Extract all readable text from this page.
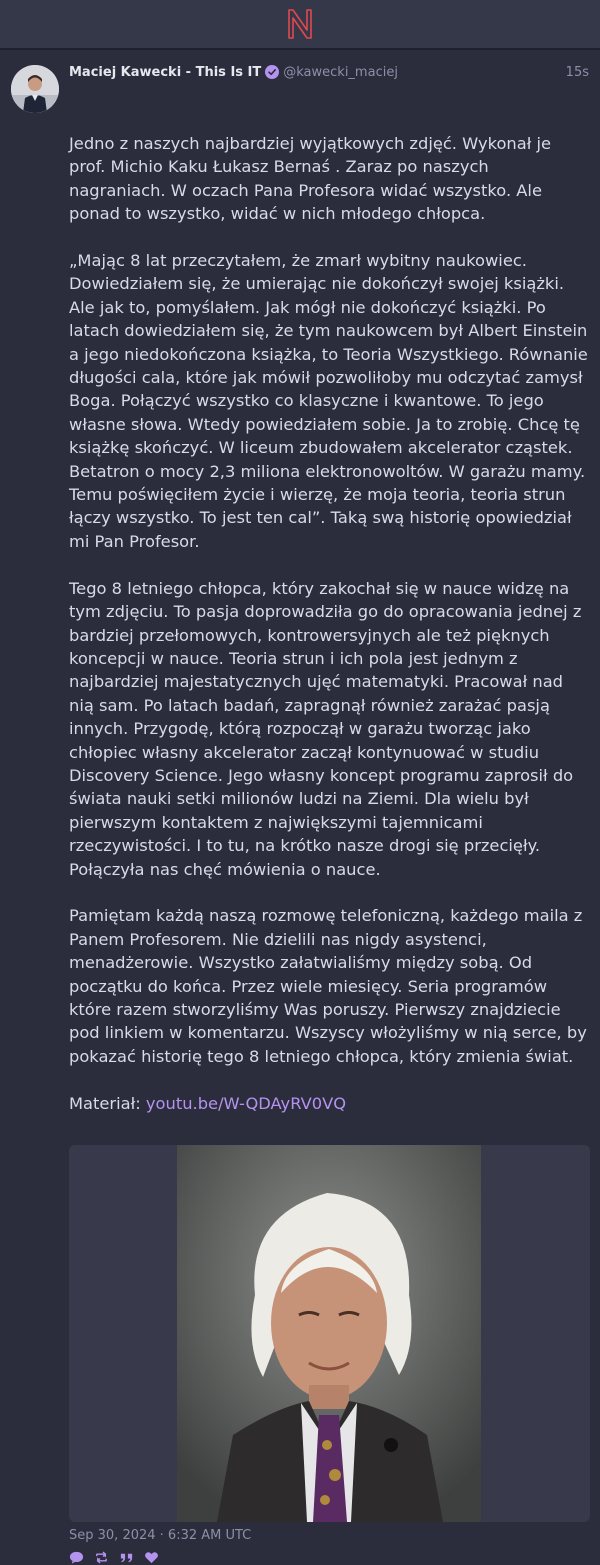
Maciej Kawecki - This Is IT @kawecki_maciej	15s

Jedno z naszych najbardziej wyjątkowych zdjęć. Wykonał je prof. Michio Kaku Łukasz Bernaś . Zaraz po naszych nagraniach. W oczach Pana Profesora widać wszystko. Ale ponad to wszystko, widać w nich młodego chłopca.

„Mając 8 lat przeczytałem, że zmarł wybitny naukowiec. Dowiedziałem się, że umierając nie dokończył swojej książki. Ale jak to, pomyślałem. Jak mógł nie dokończyć książki. Po latach dowiedziałem się, że tym naukowcem był Albert Einstein a jego niedokończona książka, to Teoria Wszystkiego. Równanie długości cala, które jak mówił pozwoliłoby mu odczytać zamysł Boga. Połączyć wszystko co klasyczne i kwantowe. To jego własne słowa. Wtedy powiedziałem sobie. Ja to zrobię. Chcę tę książkę skończyć. W liceum zbudowałem akcelerator cząstek. Betatron o mocy 2,3 miliona elektronowoltów. W garażu mamy. Temu poświęciłem życie i wierzę, że moja teoria, teoria strun łączy wszystko. To jest ten cal”. Taką swą historię opowiedział mi Pan Profesor.

Tego 8 letniego chłopca, który zakochał się w nauce widzę na tym zdjęciu. To pasja doprowadziła go do opracowania jednej z bardziej przełomowych, kontrowersyjnych ale też pięknych koncepcji w nauce. Teoria strun i ich pola jest jednym z najbardziej majestatycznych ujęć matematyki. Pracował nad nią sam. Po latach badań, zapragnął również zarażać pasją innych. Przygodę, którą rozpoczął w garażu tworząc jako chłopiec własny akcelerator zaczął kontynuować w studiu Discovery Science. Jego własny koncept programu zaprosił do świata nauki setki milionów ludzi na Ziemi. Dla wielu był pierwszym kontaktem z największymi tajemnicami rzeczywistości. I to tu, na krótko nasze drogi się przecięły. Połączyła nas chęć mówienia o nauce.

Pamiętam każdą naszą rozmowę telefoniczną, każdego maila z Panem Profesorem. Nie dzielili nas nigdy asystenci, menadżerowie. Wszystko załatwialiśmy między sobą. Od początku do końca. Przez wiele miesięcy. Seria programów które razem stworzyliśmy Was poruszy. Pierwszy znajdziecie pod linkiem w komentarzu. Wszyscy włożyliśmy w nią serce, by pokazać historię tego 8 letniego chłopca, który zmienia świat.

Materiał: youtu.be/W-QDAyRV0VQ

Sep 30, 2024 · 6:32 AM UTC
